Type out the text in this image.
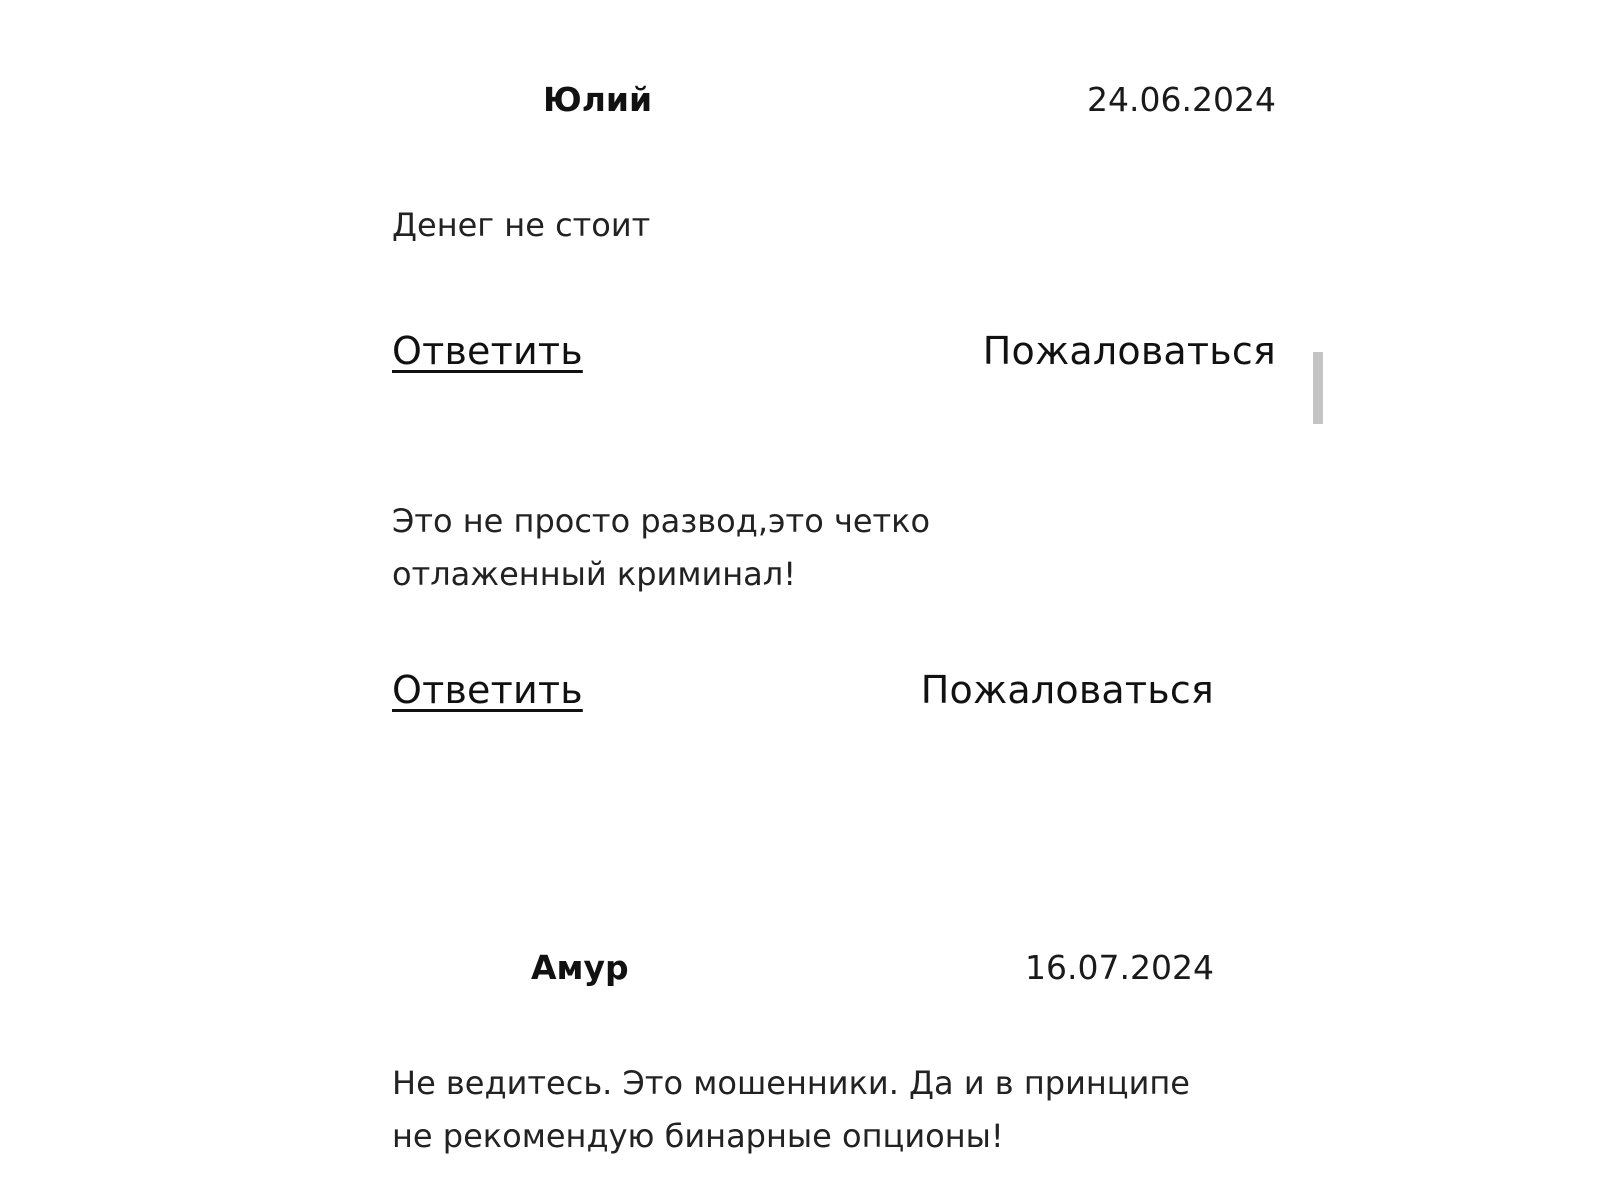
Юлий	24.06.2024

Денег не стоит

Ответить	Пожаловаться

Это не просто развод,это четко отлаженный криминал!

Ответить	Пожаловаться

Амур	16.07.2024

Не ведитесь. Это мошенники. Да и в принципе не рекомендую бинарные опционы!
